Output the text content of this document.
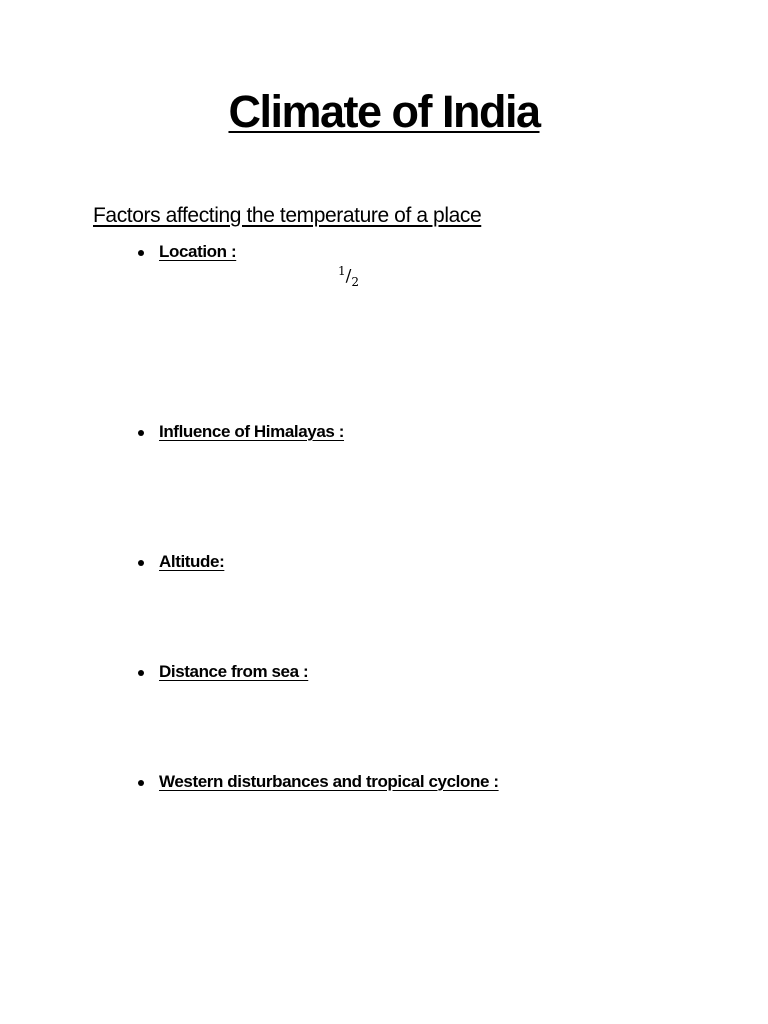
Climate of India
Factors affecting the temperature of a place
Location :
$^1/_2$
Influence of Himalayas :
Altitude:
Distance from sea :
Western disturbances and tropical cyclone :
